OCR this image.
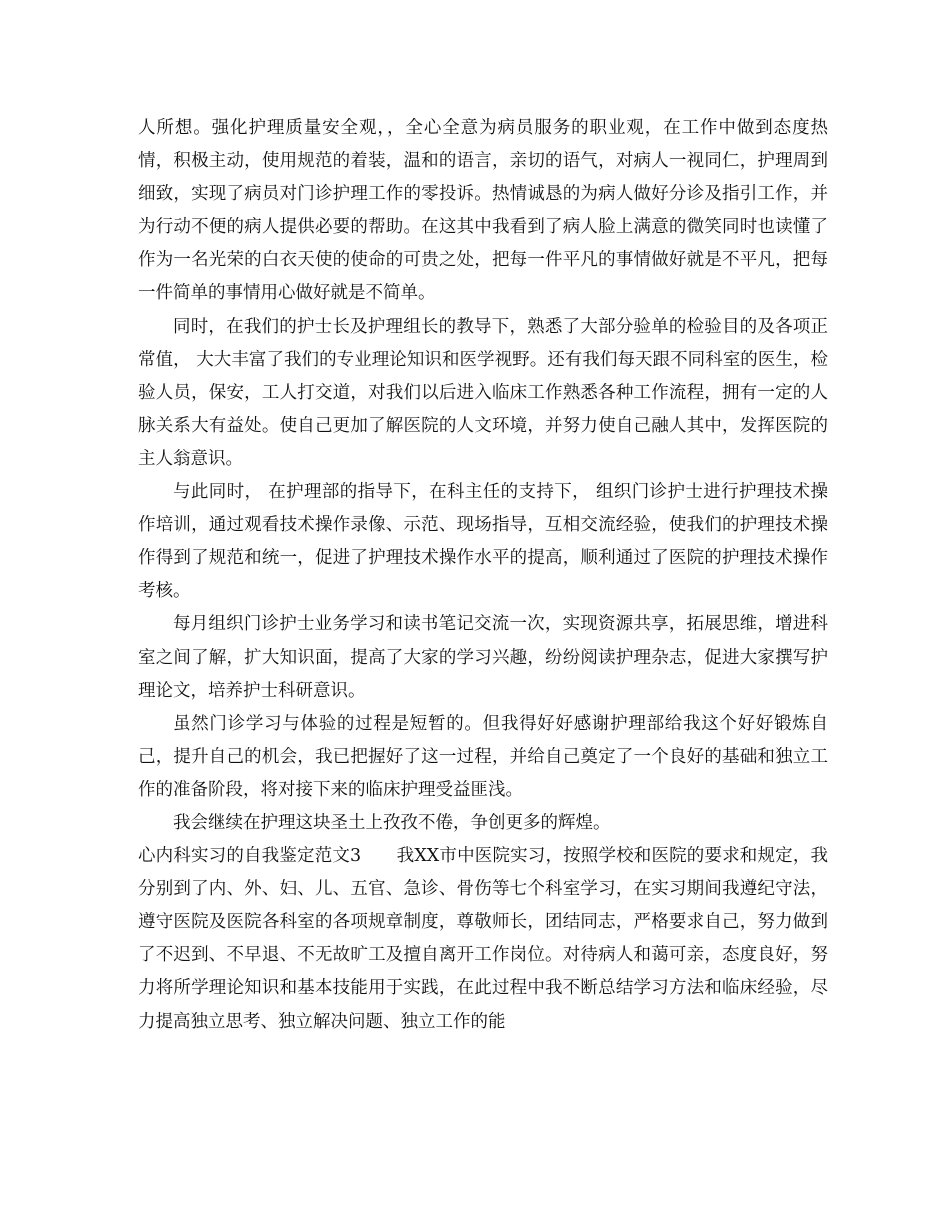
人所想。强化护理质量安全观，，全心全意为病员服务的职业观，在工作中做到态度热情，积极主动，使用规范的着装，温和的语言，亲切的语气，对病人一视同仁，护理周到细致，实现了病员对门诊护理工作的零投诉。热情诚恳的为病人做好分诊及指引工作，并为行动不便的病人提供必要的帮助。在这其中我看到了病人脸上满意的微笑同时也读懂了作为一名光荣的白衣天使的使命的可贵之处，把每一件平凡的事情做好就是不平凡，把每一件简单的事情用心做好就是不简单。

同时，在我们的护士长及护理组长的教导下，熟悉了大部分验单的检验目的及各项正常值， 大大丰富了我们的专业理论知识和医学视野。还有我们每天跟不同科室的医生，检验人员，保安，工人打交道，对我们以后进入临床工作熟悉各种工作流程，拥有一定的人脉关系大有益处。使自己更加了解医院的人文环境，并努力使自己融人其中，发挥医院的主人翁意识。

与此同时， 在护理部的指导下，在科主任的支持下， 组织门诊护士进行护理技术操作培训，通过观看技术操作录像、示范、现场指导，互相交流经验，使我们的护理技术操作得到了规范和统一，促进了护理技术操作水平的提高，顺利通过了医院的护理技术操作考核。

每月组织门诊护士业务学习和读书笔记交流一次，实现资源共享，拓展思维，增进科室之间了解，扩大知识面，提高了大家的学习兴趣，纷纷阅读护理杂志，促进大家撰写护理论文，培养护士科研意识。

虽然门诊学习与体验的过程是短暂的。但我得好好感谢护理部给我这个好好锻炼自己，提升自己的机会，我已把握好了这一过程，并给自己奠定了一个良好的基础和独立工作的准备阶段，将对接下来的临床护理受益匪浅。

我会继续在护理这块圣土上孜孜不倦，争创更多的辉煌。

心内科实习的自我鉴定范文3　　我XX市中医院实习，按照学校和医院的要求和规定，我分别到了内、外、妇、儿、五官、急诊、骨伤等七个科室学习，在实习期间我遵纪守法，遵守医院及医院各科室的各项规章制度，尊敬师长，团结同志，严格要求自己，努力做到了不迟到、不早退、不无故旷工及擅自离开工作岗位。对待病人和蔼可亲，态度良好，努力将所学理论知识和基本技能用于实践，在此过程中我不断总结学习方法和临床经验，尽力提高独立思考、独立解决问题、独立工作的能
